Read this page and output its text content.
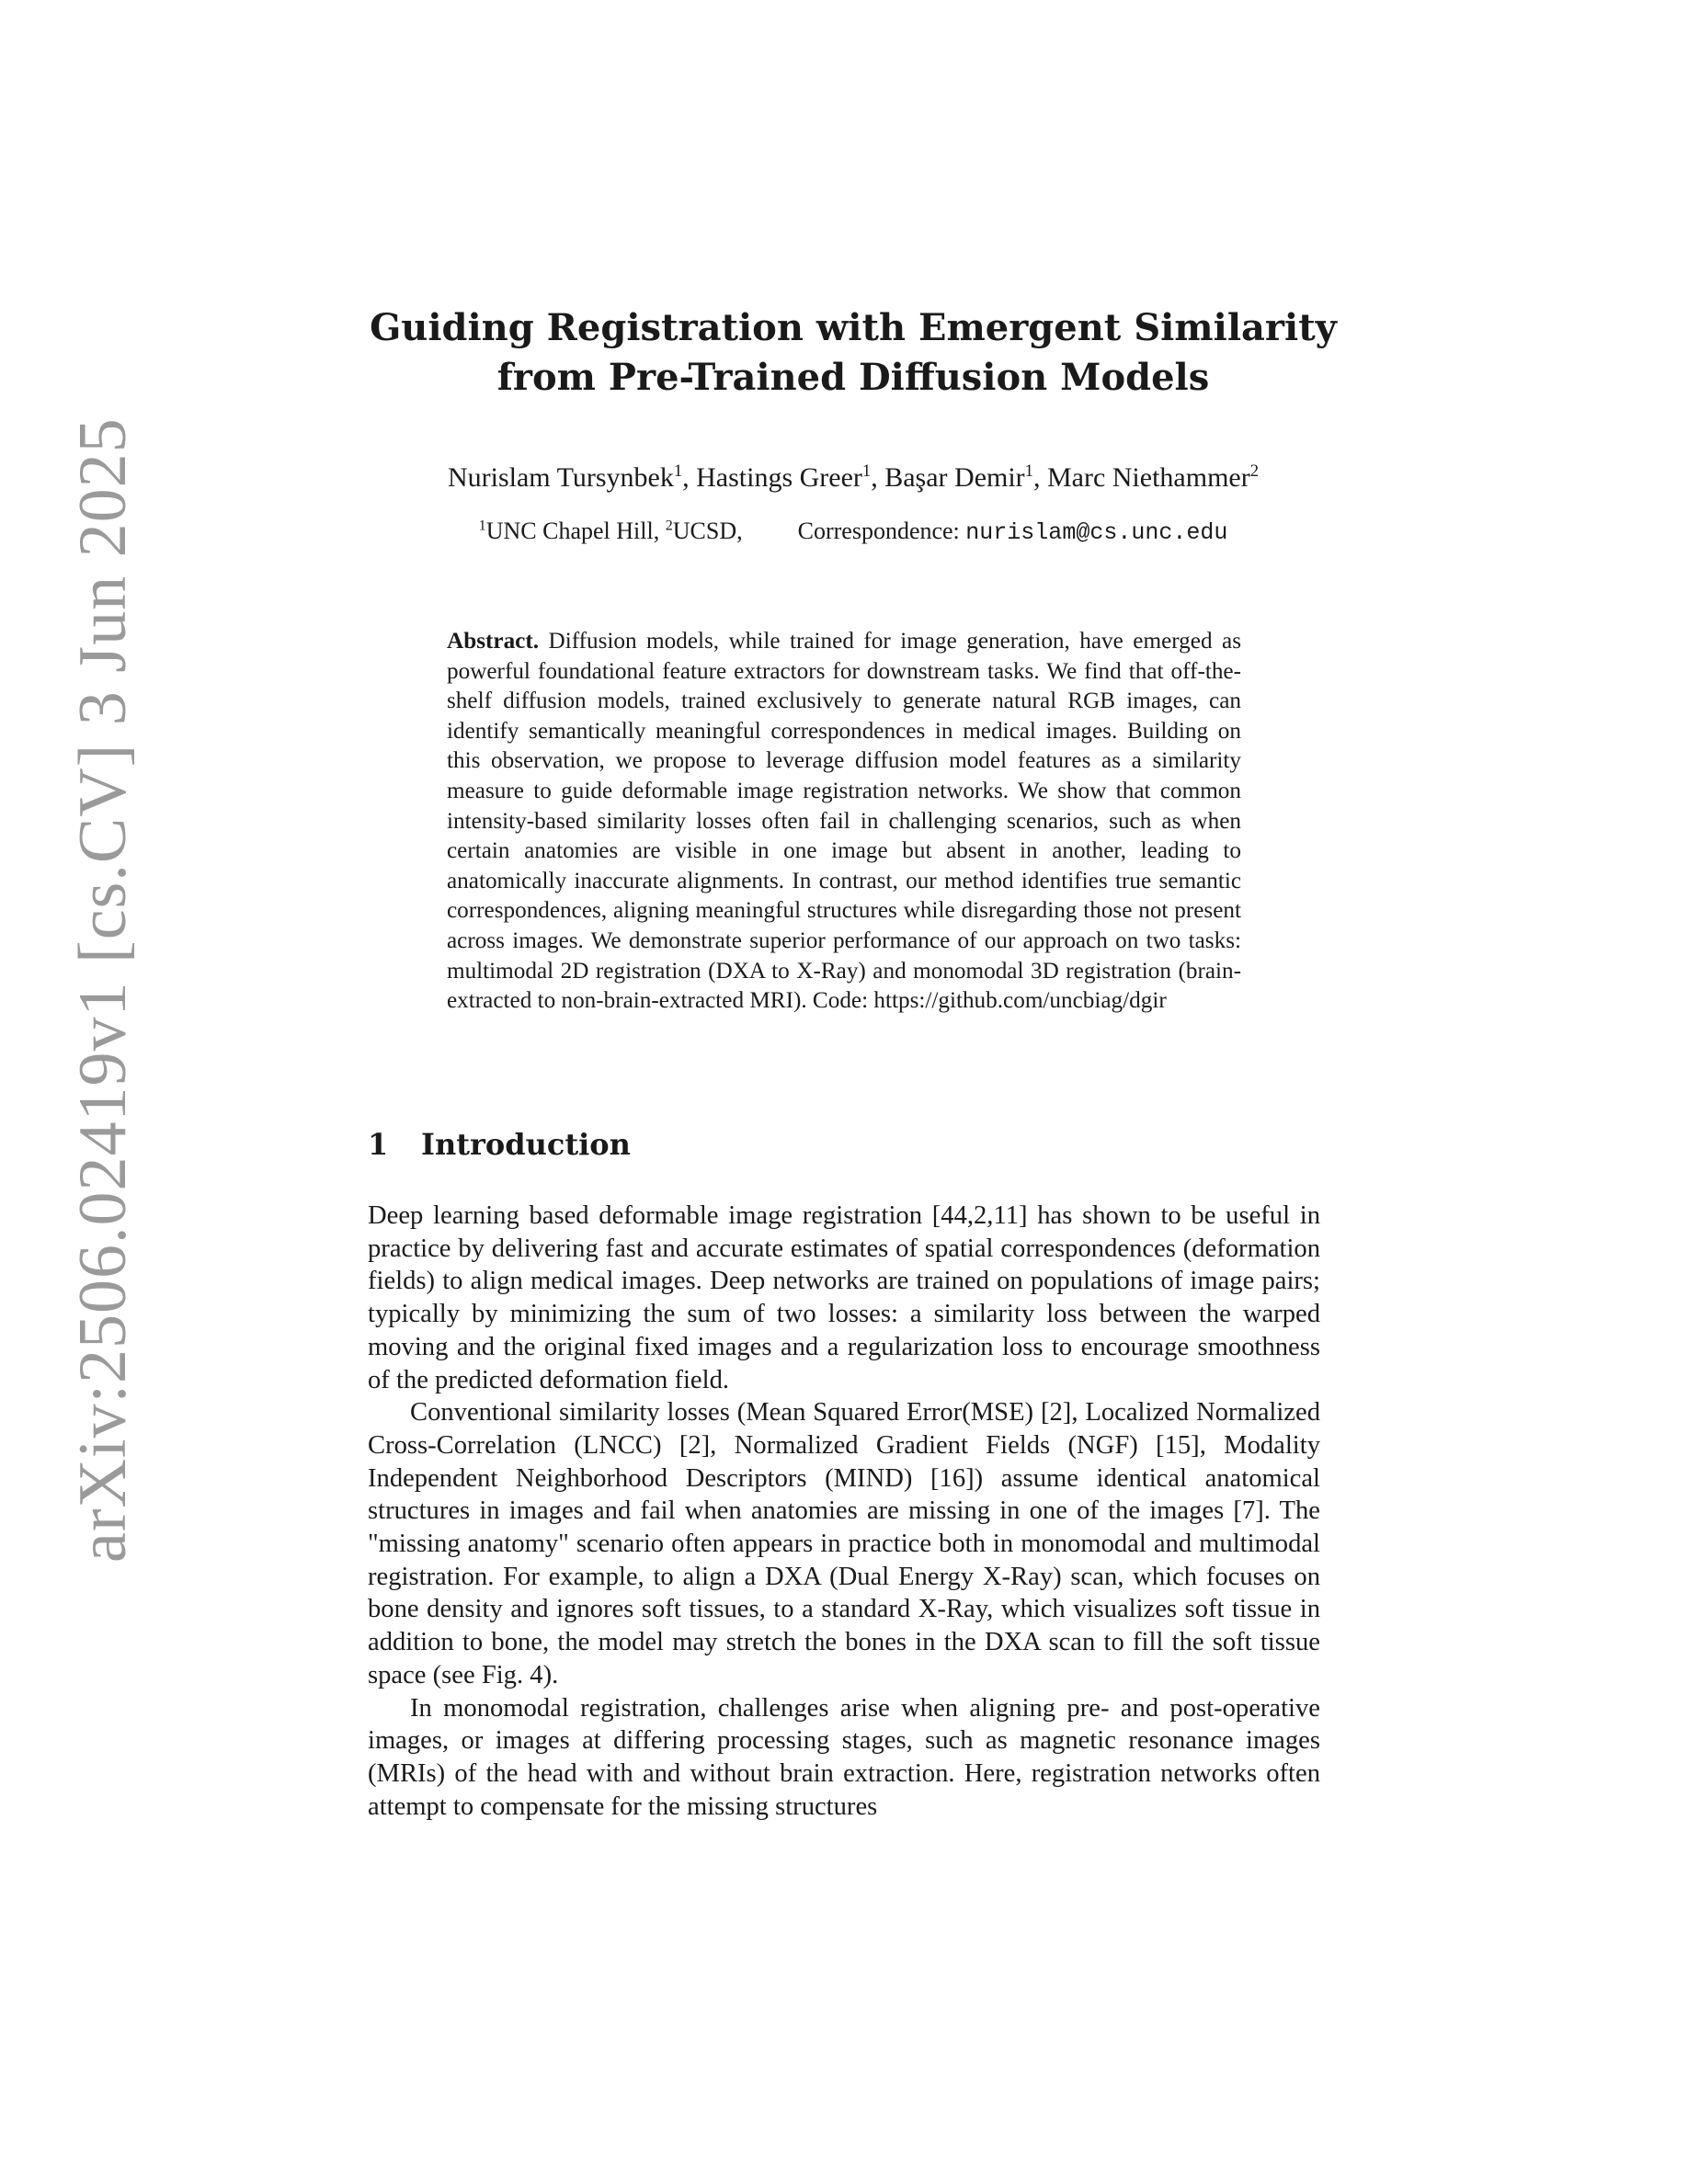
arXiv:2506.02419v1 [cs.CV] 3 Jun 2025
Guiding Registration with Emergent Similarity
from Pre-Trained Diffusion Models
Nurislam Tursynbek$^1$, Hastings Greer$^1$, Başar Demir$^1$, Marc Niethammer$^2$
$^1$UNC Chapel Hill, $^2$UCSD, Correspondence: nurislam@cs.unc.edu

Abstract. Diffusion models, while trained for image generation, have emerged as powerful foundational feature extractors for downstream tasks. We find that off-the-shelf diffusion models, trained exclusively to generate natural RGB images, can identify semantically meaningful correspondences in medical images. Building on this observation, we propose to leverage diffusion model features as a similarity measure to guide deformable image registration networks. We show that common intensity-based similarity losses often fail in challenging scenarios, such as when certain anatomies are visible in one image but absent in another, leading to anatomically inaccurate alignments. In contrast, our method identifies true semantic correspondences, aligning meaningful structures while disregarding those not present across images. We demonstrate superior performance of our approach on two tasks: multimodal 2D registration (DXA to X-Ray) and monomodal 3D registration (brain-extracted to non-brain-extracted MRI). Code: https://github.com/uncbiag/dgir

1 Introduction

Deep learning based deformable image registration [44,2,11] has shown to be useful in practice by delivering fast and accurate estimates of spatial correspondences (deformation fields) to align medical images. Deep networks are trained on populations of image pairs; typically by minimizing the sum of two losses: a similarity loss between the warped moving and the original fixed images and a regularization loss to encourage smoothness of the predicted deformation field.

Conventional similarity losses (Mean Squared Error(MSE) [2], Localized Normalized Cross-Correlation (LNCC) [2], Normalized Gradient Fields (NGF) [15], Modality Independent Neighborhood Descriptors (MIND) [16]) assume identical anatomical structures in images and fail when anatomies are missing in one of the images [7]. The "missing anatomy" scenario often appears in practice both in monomodal and multimodal registration. For example, to align a DXA (Dual Energy X-Ray) scan, which focuses on bone density and ignores soft tissues, to a standard X-Ray, which visualizes soft tissue in addition to bone, the model may stretch the bones in the DXA scan to fill the soft tissue space (see Fig. 4).

In monomodal registration, challenges arise when aligning pre- and post-operative images, or images at differing processing stages, such as magnetic resonance images (MRIs) of the head with and without brain extraction. Here, registration networks often attempt to compensate for the missing structures
